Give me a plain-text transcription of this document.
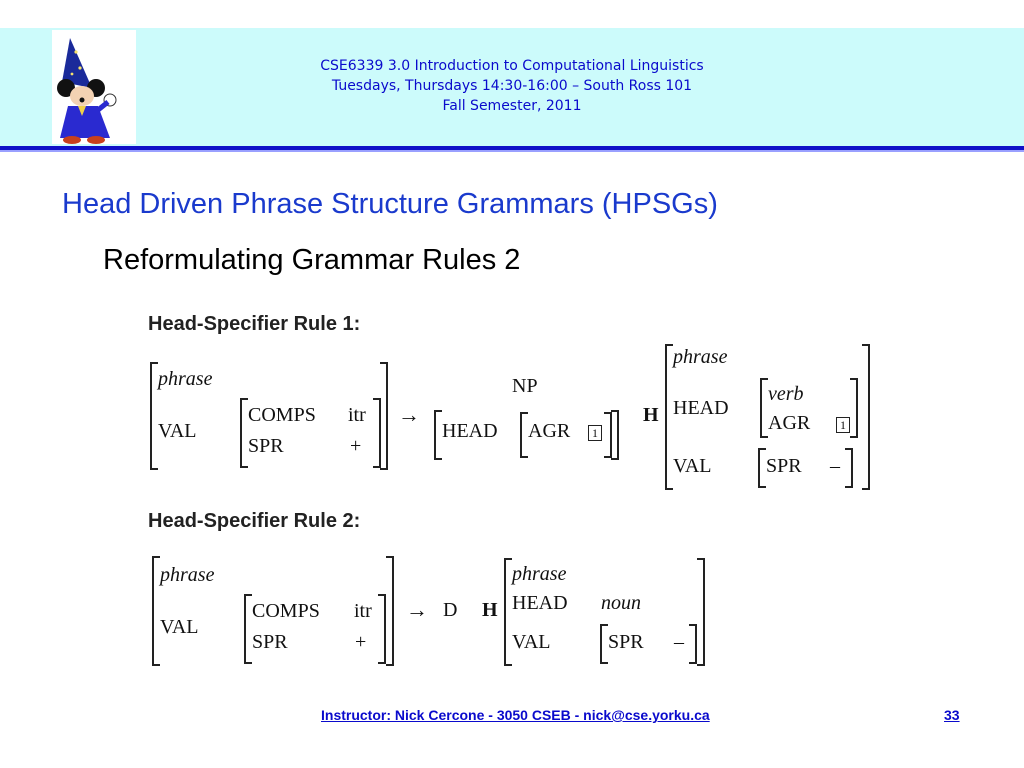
CSE6339 3.0 Introduction to Computational Linguistics
Tuesdays, Thursdays 14:30-16:00 – South Ross 101
Fall Semester, 2011
Head Driven Phrase Structure Grammars (HPSGs)
Reformulating Grammar Rules 2
Head-Specifier Rule 1:
phrase
VAL
COMPS itr
SPR	+
→
NP
HEAD AGR	1
H
phrase
HEAD
verb
AGR	1
VAL	SPR –
Head-Specifier Rule 2:
phrase
VAL
COMPS itr
SPR	+
→ D H
phrase
HEAD noun
VAL	SPR –
Instructor: Nick Cercone - 3050 CSEB - nick@cse.yorku.ca	33
